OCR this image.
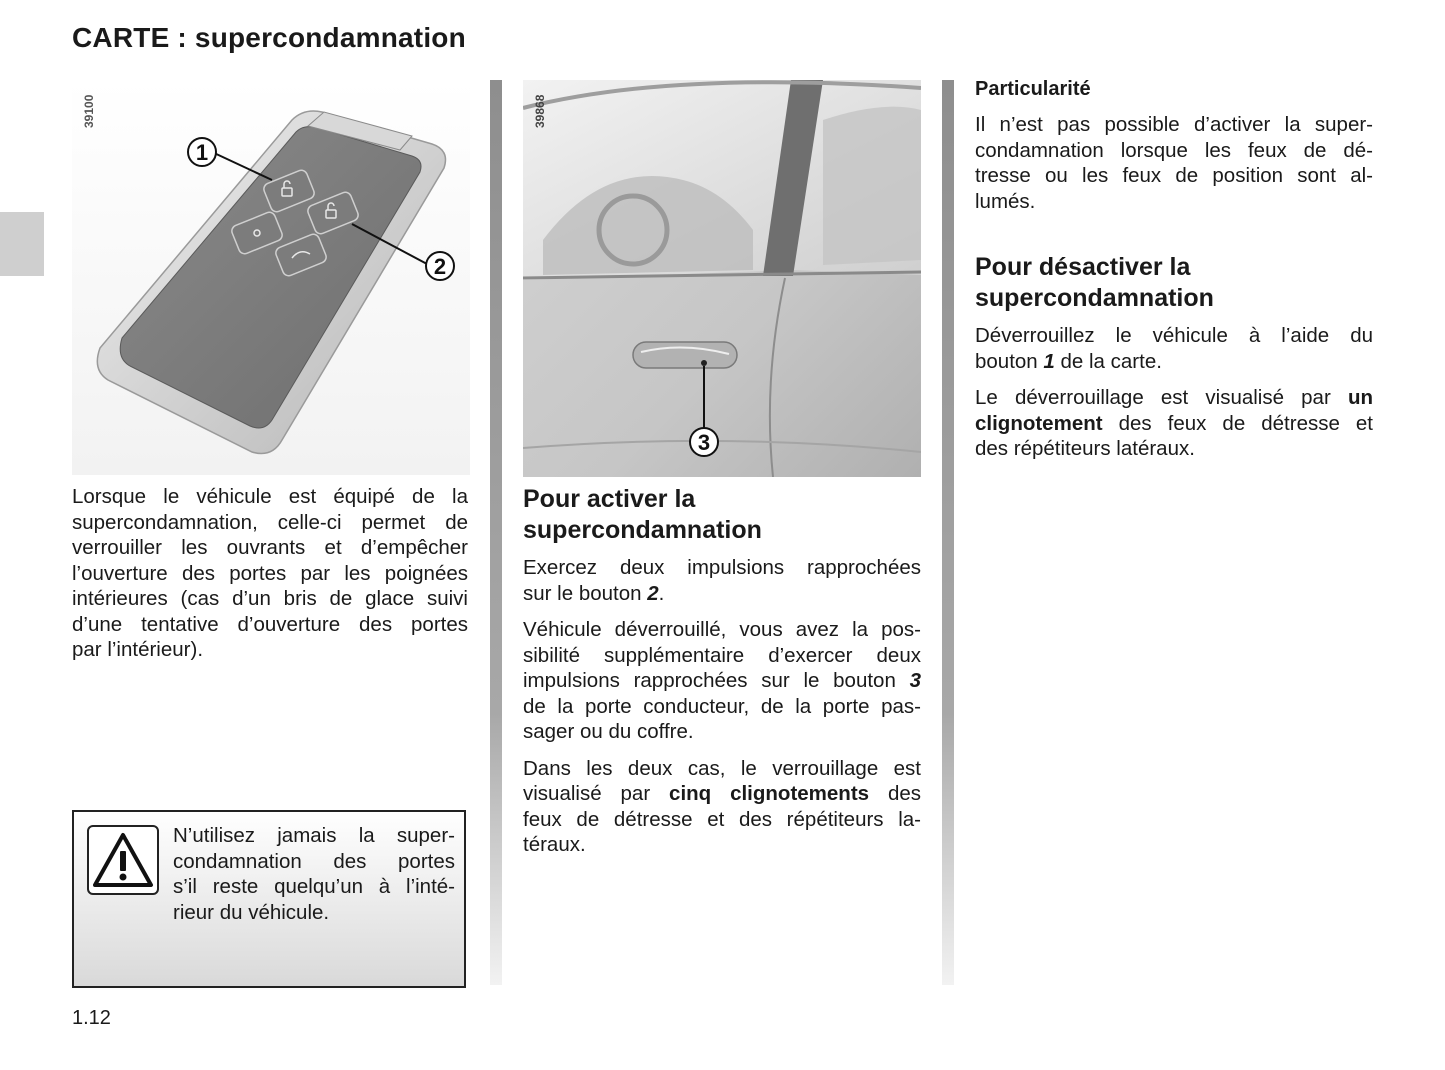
CARTE : supercondamnation
1
2
39100
3
39868
Lorsque le véhicule est équipé de la
supercondamnation, celle-ci permet de
verrouiller les ouvrants et d’empêcher
l’ouverture des portes par les poignées
intérieures (cas d’un bris de glace suivi
d’une tentative d’ouverture des portes
par l’intérieur).
N’utilisez jamais la super-
condamnation des portes
s’il reste quelqu’un à l’inté-
rieur du véhicule.

1.12

Pour activer la
supercondamnation

Exercez deux impulsions rapprochées
sur le bouton 2.

Véhicule déverrouillé, vous avez la pos-
sibilité supplémentaire d’exercer deux
impulsions rapprochées sur le bouton 3
de la porte conducteur, de la porte pas-
sager ou du coffre.

Dans les deux cas, le verrouillage est
visualisé par cinq clignotements des
feux de détresse et des répétiteurs la-
téraux.

Particularité
Il n’est pas possible d’activer la super-
condamnation lorsque les feux de dé-
tresse ou les feux de position sont al-
lumés.
Pour désactiver la
supercondamnation

Déverrouillez le véhicule à l’aide du
bouton 1 de la carte.

Le déverrouillage est visualisé par un
clignotement des feux de détresse et
des répétiteurs latéraux.
